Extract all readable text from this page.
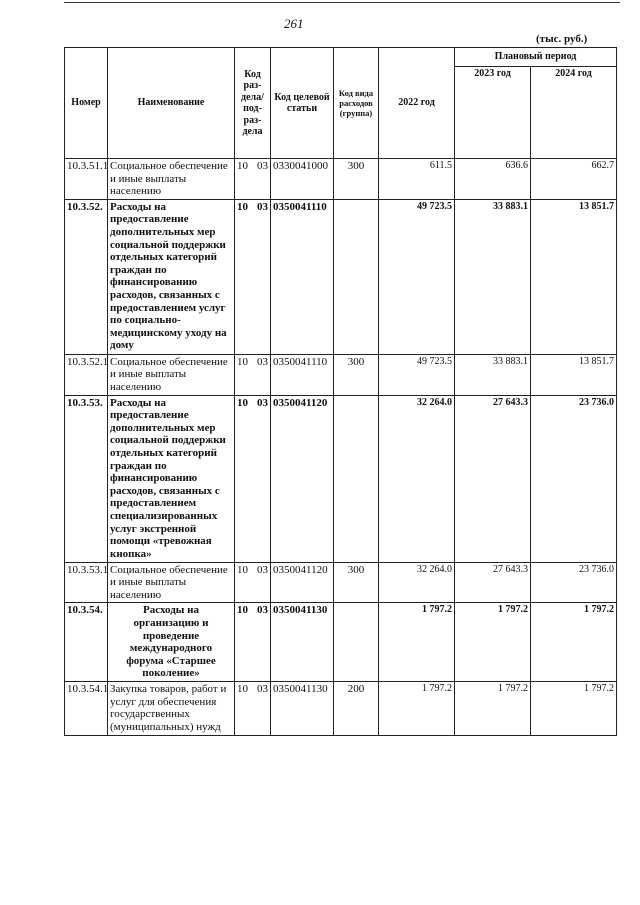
261
(тыс. руб.)
Номер	Наименование	Код раз- дела/ под- раз- дела	Код целевой статьи	Код вида расходов (группа)	2022 год	Плановый период	
						2023 год	2024 год
10.3.51.1	Социальное обеспечение и иные выплаты населению	10 03	0330041000	300	611.5	636.6	662.7
10.3.52.	Расходы на предоставление дополнительных мер социальной поддержки отдельных категорий граждан по финансированию расходов, связанных с предоставлением услуг по социально-медицинскому уходу на дому	10 03	0350041110		49 723.5	33 883.1	13 851.7
10.3.52.1	Социальное обеспечение и иные выплаты населению	10 03	0350041110	300	49 723.5	33 883.1	13 851.7
10.3.53.	Расходы на предоставление дополнительных мер социальной поддержки отдельных категорий граждан по финансированию расходов, связанных с предоставлением специализированных услуг экстренной помощи «тревожная кнопка»	10 03	0350041120		32 264.0	27 643.3	23 736.0
10.3.53.1	Социальное обеспечение и иные выплаты населению	10 03	0350041120	300	32 264.0	27 643.3	23 736.0
10.3.54.	Расходы на организацию и проведение международного форума «Старшее поколение»	10 03	0350041130		1 797.2	1 797.2	1 797.2
10.3.54.1	Закупка товаров, работ и услуг для обеспечения государственных (муниципальных) нужд	10 03	0350041130	200	1 797.2	1 797.2	1 797.2
